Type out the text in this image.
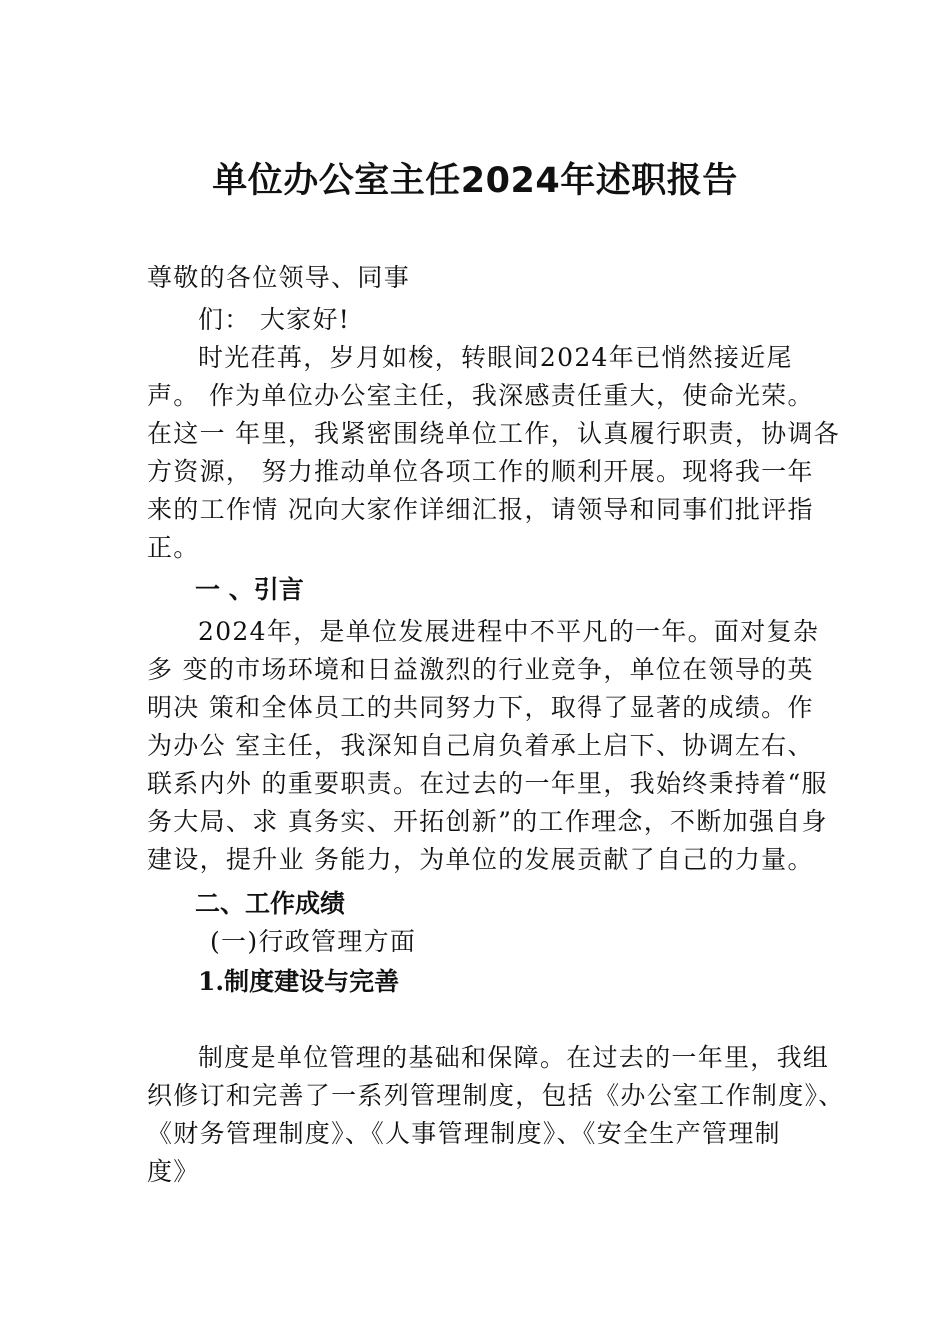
单位办公室主任2024年述职报告
尊敬的各位领导、同事
们： 大家好!
时光荏苒，岁月如梭，转眼间2024年已悄然接近尾
声。 作为单位办公室主任，我深感责任重大，使命光荣。
在这一 年里，我紧密围绕单位工作，认真履行职责，协调各
方资源， 努力推动单位各项工作的顺利开展。现将我一年
来的工作情 况向大家作详细汇报，请领导和同事们批评指
正。
一 、引言
2024年，是单位发展进程中不平凡的一年。面对复杂
多 变的市场环境和日益激烈的行业竞争，单位在领导的英
明决 策和全体员工的共同努力下，取得了显著的成绩。作
为办公 室主任，我深知自己肩负着承上启下、协调左右、
联系内外 的重要职责。在过去的一年里，我始终秉持着“服
务大局、求 真务实、开拓创新”的工作理念，不断加强自身
建设，提升业 务能力，为单位的发展贡献了自己的力量。
二、工作成绩
(一)行政管理方面
1.制度建设与完善
制度是单位管理的基础和保障。在过去的一年里，我组
织修订和完善了一系列管理制度，包括《办公室工作制度》、
《财务管理制度》、《人事管理制度》、《安全生产管理制
度》
